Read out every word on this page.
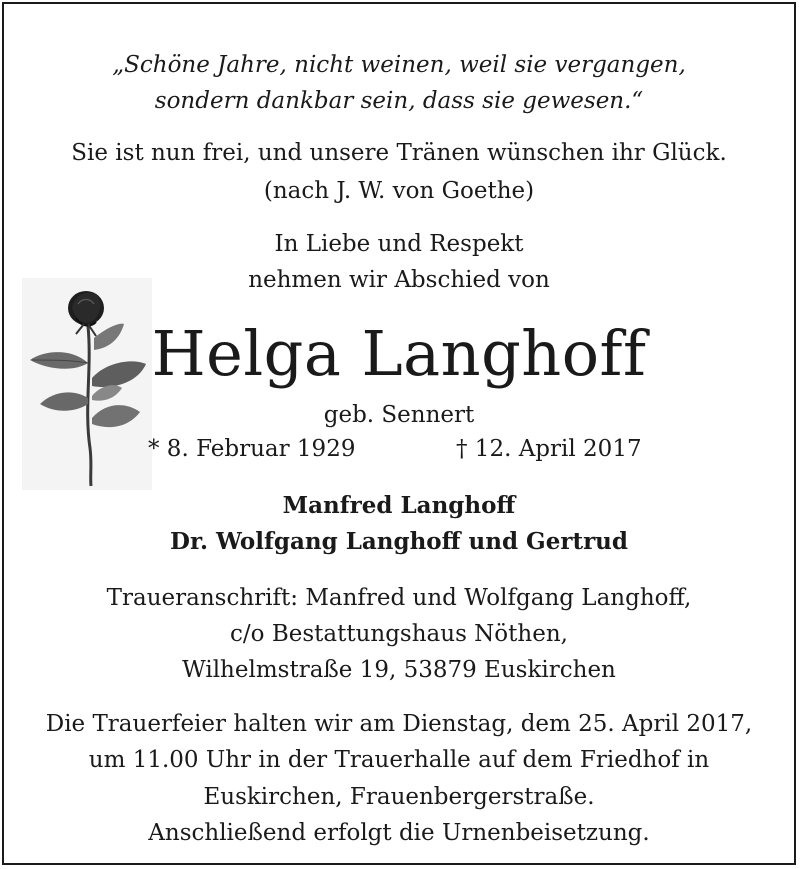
„Schöne Jahre, nicht weinen, weil sie vergangen,
sondern dankbar sein, dass sie gewesen.“
Sie ist nun frei, und unsere Tränen wünschen ihr Glück.
(nach J. W. von Goethe)
In Liebe und Respekt
nehmen wir Abschied von
Helga Langhoff
geb. Sennert
* 8. Februar 1929	† 12. April 2017
Manfred Langhoff
Dr. Wolfgang Langhoff und Gertrud
Traueranschrift: Manfred und Wolfgang Langhoff,
c/o Bestattungshaus Nöthen,
Wilhelmstraße 19, 53879 Euskirchen
Die Trauerfeier halten wir am Dienstag, dem 25. April 2017,
um 11.00 Uhr in der Trauerhalle auf dem Friedhof in
Euskirchen, Frauenbergerstraße.
Anschließend erfolgt die Urnenbeisetzung.
